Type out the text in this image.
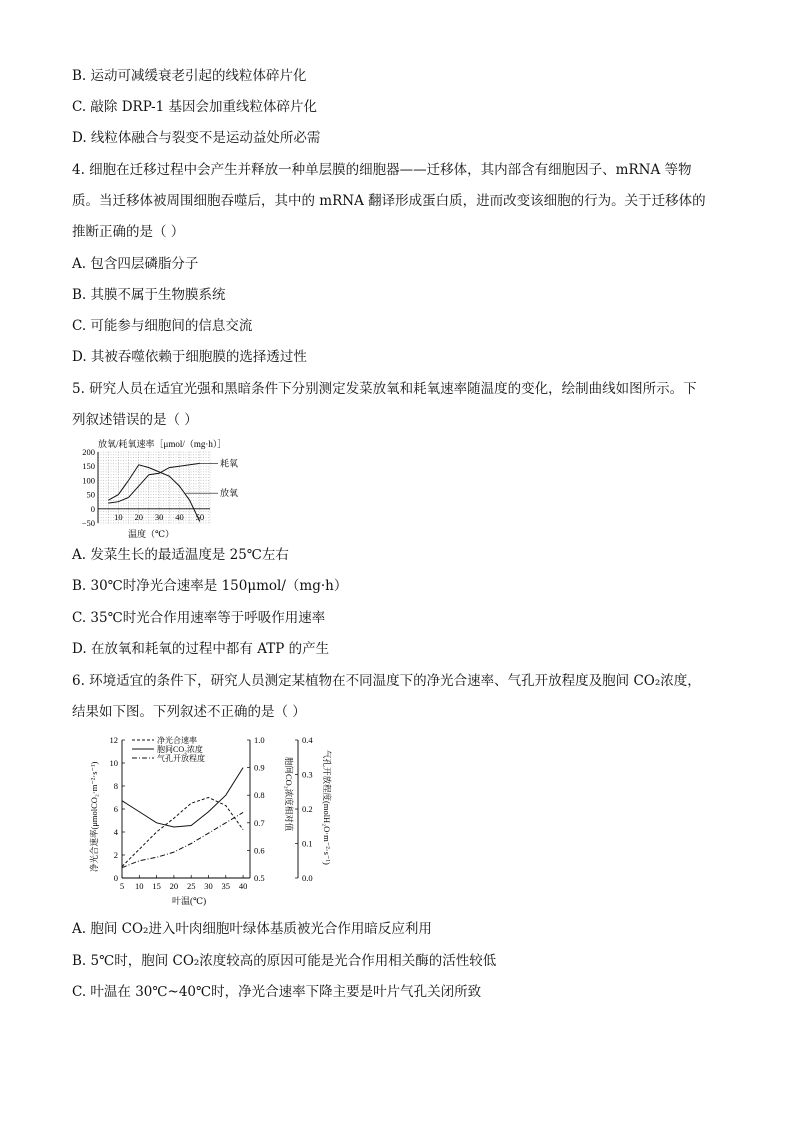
B. 运动可减缓衰老引起的线粒体碎片化
C. 敲除 DRP-1 基因会加重线粒体碎片化
D. 线粒体融合与裂变不是运动益处所必需
4. 细胞在迁移过程中会产生并释放一种单层膜的细胞器——迁移体，其内部含有细胞因子、mRNA 等物
质。当迁移体被周围细胞吞噬后，其中的 mRNA 翻译形成蛋白质，进而改变该细胞的行为。关于迁移体的
推断正确的是（ ）
A. 包含四层磷脂分子
B. 其膜不属于生物膜系统
C. 可能参与细胞间的信息交流
D. 其被吞噬依赖于细胞膜的选择透过性
5. 研究人员在适宜光强和黑暗条件下分别测定发菜放氧和耗氧速率随温度的变化，绘制曲线如图所示。下
列叙述错误的是（ ）
A. 发菜生长的最适温度是 25℃左右
B. 30℃时净光合速率是 150μmol/（mg·h）
C. 35℃时光合作用速率等于呼吸作用速率
D. 在放氧和耗氧的过程中都有 ATP 的产生
6. 环境适宜的条件下，研究人员测定某植物在不同温度下的净光合速率、气孔开放程度及胞间 CO₂浓度，
结果如下图。下列叙述不正确的是（ ）
A. 胞间 CO₂进入叶肉细胞叶绿体基质被光合作用暗反应利用
B. 5℃时，胞间 CO₂浓度较高的原因可能是光合作用相关酶的活性较低
C. 叶温在 30℃~40℃时，净光合速率下降主要是叶片气孔关闭所致
放氧/耗氧速率［μmol/（mg·h）］
200
150
100
50
0
−50
10 20 30 40 50
耗氧
放氧
温度（℃）
净光合速率
胞间CO₂浓度
气孔开放程度
12
10
8
6
4
2
0
1.0
0.9
0.8
0.7
0.6
0.5
0.4
0.3
0.2
0.1
0.0
5 10 15 20 25 30 35 40
净光合速率(μmolCO₂·m⁻²·s⁻¹)	胞间CO₂浓度相对值	气孔开放程度(molH₂O·m⁻²·s⁻¹)
叶温(℃)
